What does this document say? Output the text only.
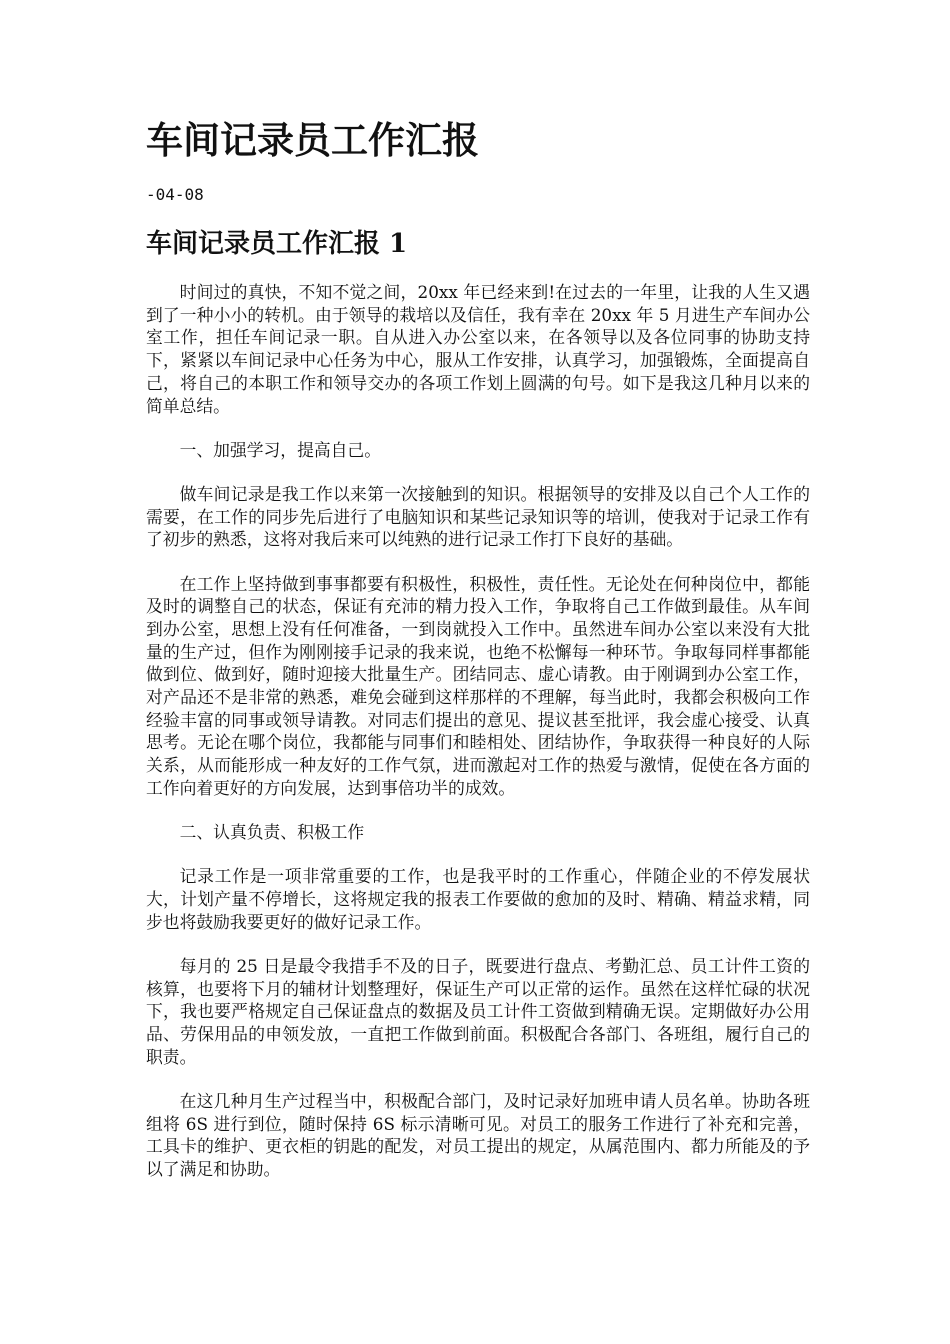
车间记录员工作汇报
-04-08
车间记录员工作汇报 1

时间过的真快，不知不觉之间，20xx 年已经来到!在过去的一年里，让我的人生又遇到了一种小小的转机。由于领导的栽培以及信任，我有幸在 20xx 年 5 月进生产车间办公室工作，担任车间记录一职。自从进入办公室以来，在各领导以及各位同事的协助支持下，紧紧以车间记录中心任务为中心，服从工作安排，认真学习，加强锻炼，全面提高自己，将自己的本职工作和领导交办的各项工作划上圆满的句号。如下是我这几种月以来的简单总结。

一、加强学习，提高自己。

做车间记录是我工作以来第一次接触到的知识。根据领导的安排及以自己个人工作的需要，在工作的同步先后进行了电脑知识和某些记录知识等的培训，使我对于记录工作有了初步的熟悉，这将对我后来可以纯熟的进行记录工作打下良好的基础。

在工作上坚持做到事事都要有积极性，积极性，责任性。无论处在何种岗位中，都能及时的调整自己的状态，保证有充沛的精力投入工作，争取将自己工作做到最佳。从车间到办公室，思想上没有任何准备，一到岗就投入工作中。虽然进车间办公室以来没有大批量的生产过，但作为刚刚接手记录的我来说，也绝不松懈每一种环节。争取每同样事都能做到位、做到好，随时迎接大批量生产。团结同志、虚心请教。由于刚调到办公室工作，对产品还不是非常的熟悉，难免会碰到这样那样的不理解，每当此时，我都会积极向工作经验丰富的同事或领导请教。对同志们提出的意见、提议甚至批评，我会虚心接受、认真思考。无论在哪个岗位，我都能与同事们和睦相处、团结协作，争取获得一种良好的人际关系，从而能形成一种友好的工作气氛，进而激起对工作的热爱与激情，促使在各方面的工作向着更好的方向发展，达到事倍功半的成效。

二、认真负责、积极工作

记录工作是一项非常重要的工作，也是我平时的工作重心，伴随企业的不停发展状大，计划产量不停增长，这将规定我的报表工作要做的愈加的及时、精确、精益求精，同步也将鼓励我要更好的做好记录工作。

每月的 25 日是最令我措手不及的日子，既要进行盘点、考勤汇总、员工计件工资的核算，也要将下月的辅材计划整理好，保证生产可以正常的运作。虽然在这样忙碌的状况下，我也要严格规定自己保证盘点的数据及员工计件工资做到精确无误。定期做好办公用品、劳保用品的申领发放，一直把工作做到前面。积极配合各部门、各班组，履行自己的职责。

在这几种月生产过程当中，积极配合部门，及时记录好加班申请人员名单。协助各班组将 6S 进行到位，随时保持 6S 标示清晰可见。对员工的服务工作进行了补充和完善，工具卡的维护、更衣柜的钥匙的配发，对员工提出的规定，从属范围内、都力所能及的予以了满足和协助。
